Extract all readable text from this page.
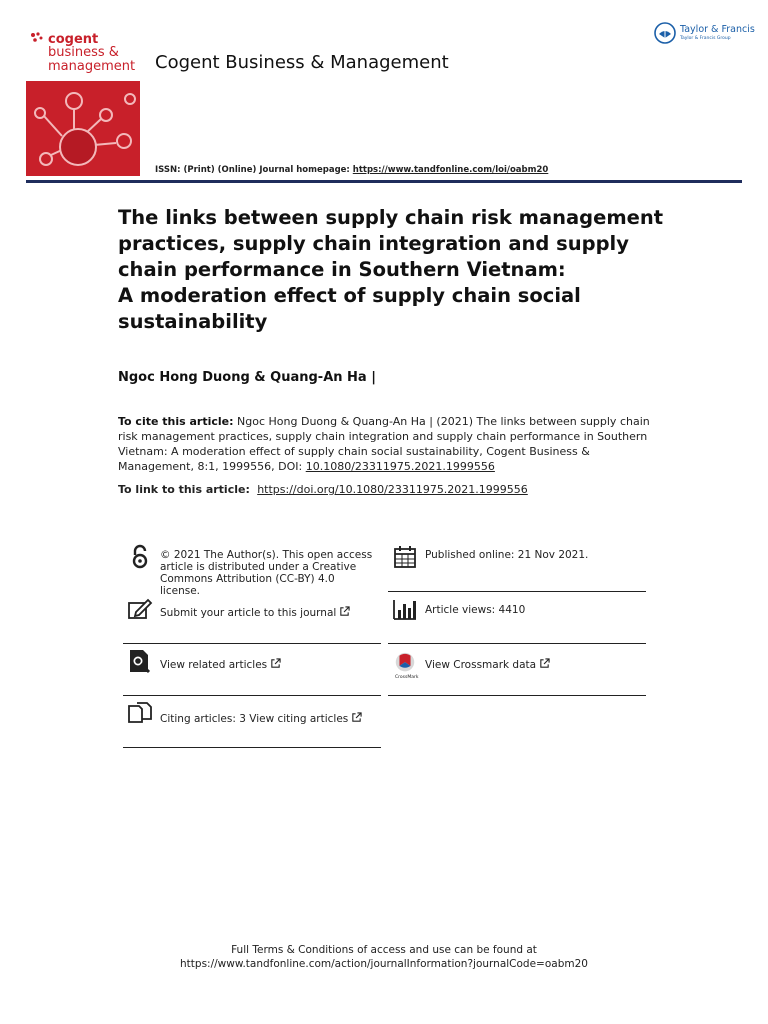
cogent
business &
management Cogent Business & Management
Taylor & Francis
Taylor & Francis Group
ISSN: (Print) (Online) Journal homepage: https://www.tandfonline.com/loi/oabm20
The links between supply chain risk management
practices, supply chain integration and supply
chain performance in Southern Vietnam:
A moderation effect of supply chain social
sustainability
Ngoc Hong Duong & Quang-An Ha |
To cite this article: Ngoc Hong Duong & Quang-An Ha | (2021) The links between supply chain risk management practices, supply chain integration and supply chain performance in Southern Vietnam: A moderation effect of supply chain social sustainability, Cogent Business & Management, 8:1, 1999556, DOI: 10.1080/23311975.2021.1999556
To link to this article:  https://doi.org/10.1080/23311975.2021.1999556
© 2021 The Author(s). This open access article is distributed under a Creative Commons Attribution (CC-BY) 4.0 license.
Submit your article to this journal
View related articles
Citing articles: 3 View citing articles
Published online: 21 Nov 2021.
Article views: 4410
CrossMark
View Crossmark data
Full Terms & Conditions of access and use can be found at
https://www.tandfonline.com/action/journalInformation?journalCode=oabm20
